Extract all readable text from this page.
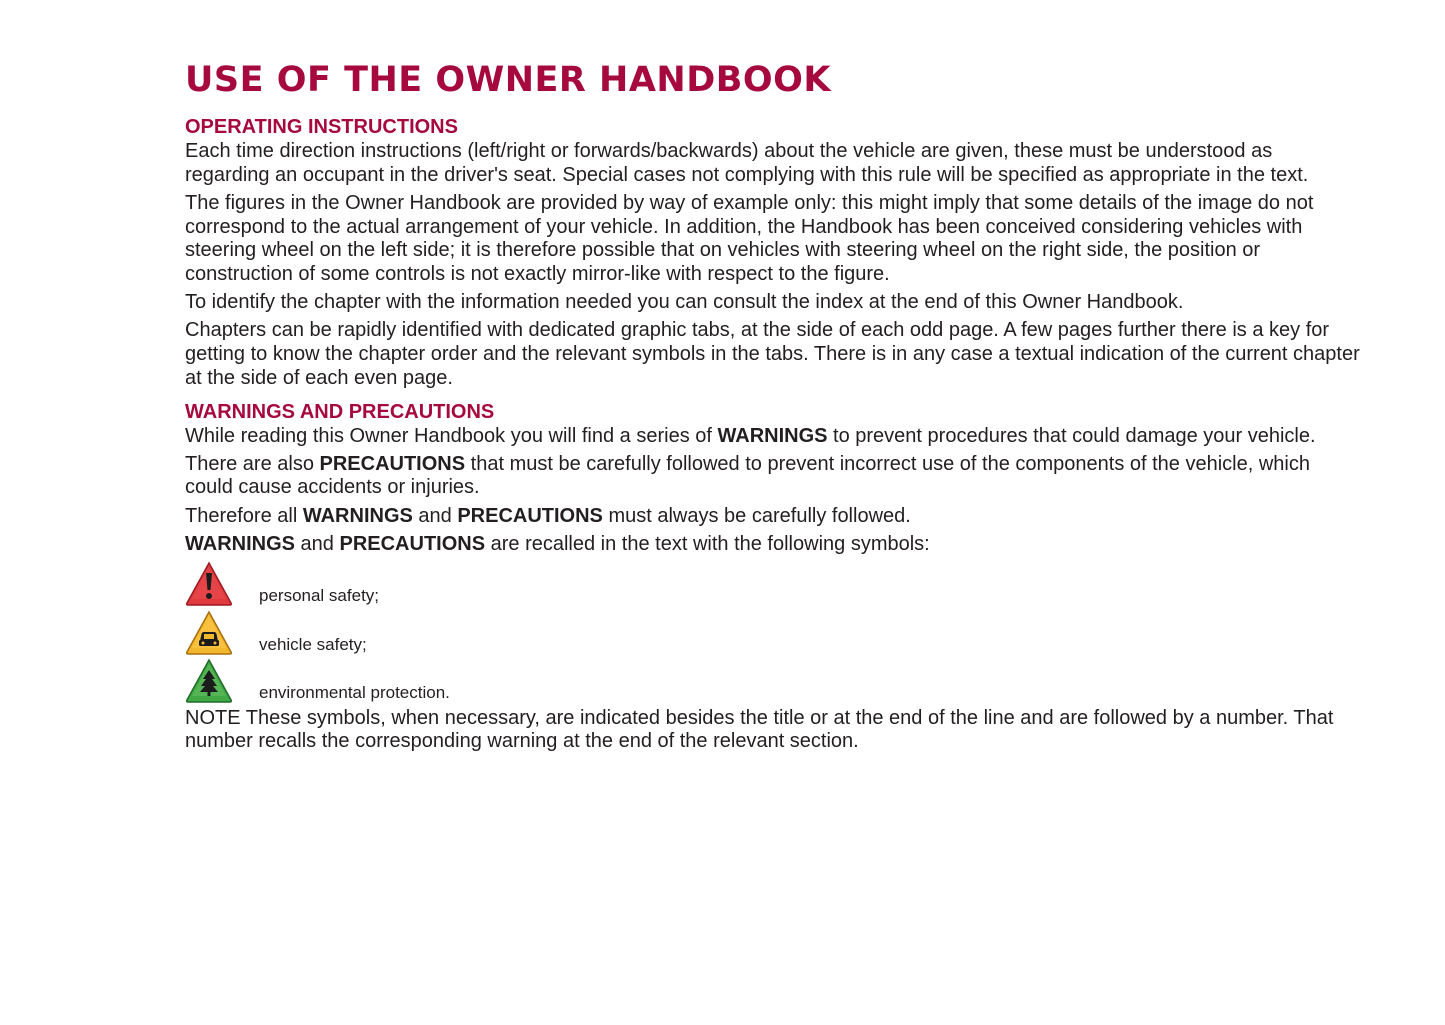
USE OF THE OWNER HANDBOOK
OPERATING INSTRUCTIONS

Each time direction instructions (left/right or forwards/backwards) about the vehicle are given, these must be understood as regarding an occupant in the driver's seat. Special cases not complying with this rule will be specified as appropriate in the text.

The figures in the Owner Handbook are provided by way of example only: this might imply that some details of the image do not correspond to the actual arrangement of your vehicle. In addition, the Handbook has been conceived considering vehicles with steering wheel on the left side; it is therefore possible that on vehicles with steering wheel on the right side, the position or construction of some controls is not exactly mirror-like with respect to the figure.

To identify the chapter with the information needed you can consult the index at the end of this Owner Handbook.

Chapters can be rapidly identified with dedicated graphic tabs, at the side of each odd page. A few pages further there is a key for getting to know the chapter order and the relevant symbols in the tabs. There is in any case a textual indication of the current chapter at the side of each even page.

WARNINGS AND PRECAUTIONS

While reading this Owner Handbook you will find a series of WARNINGS to prevent procedures that could damage your vehicle.

There are also PRECAUTIONS that must be carefully followed to prevent incorrect use of the components of the vehicle, which could cause accidents or injuries.

Therefore all WARNINGS and PRECAUTIONS must always be carefully followed.

WARNINGS and PRECAUTIONS are recalled in the text with the following symbols:

personal safety;
vehicle safety;
environmental protection.

NOTE These symbols, when necessary, are indicated besides the title or at the end of the line and are followed by a number. That number recalls the corresponding warning at the end of the relevant section.
